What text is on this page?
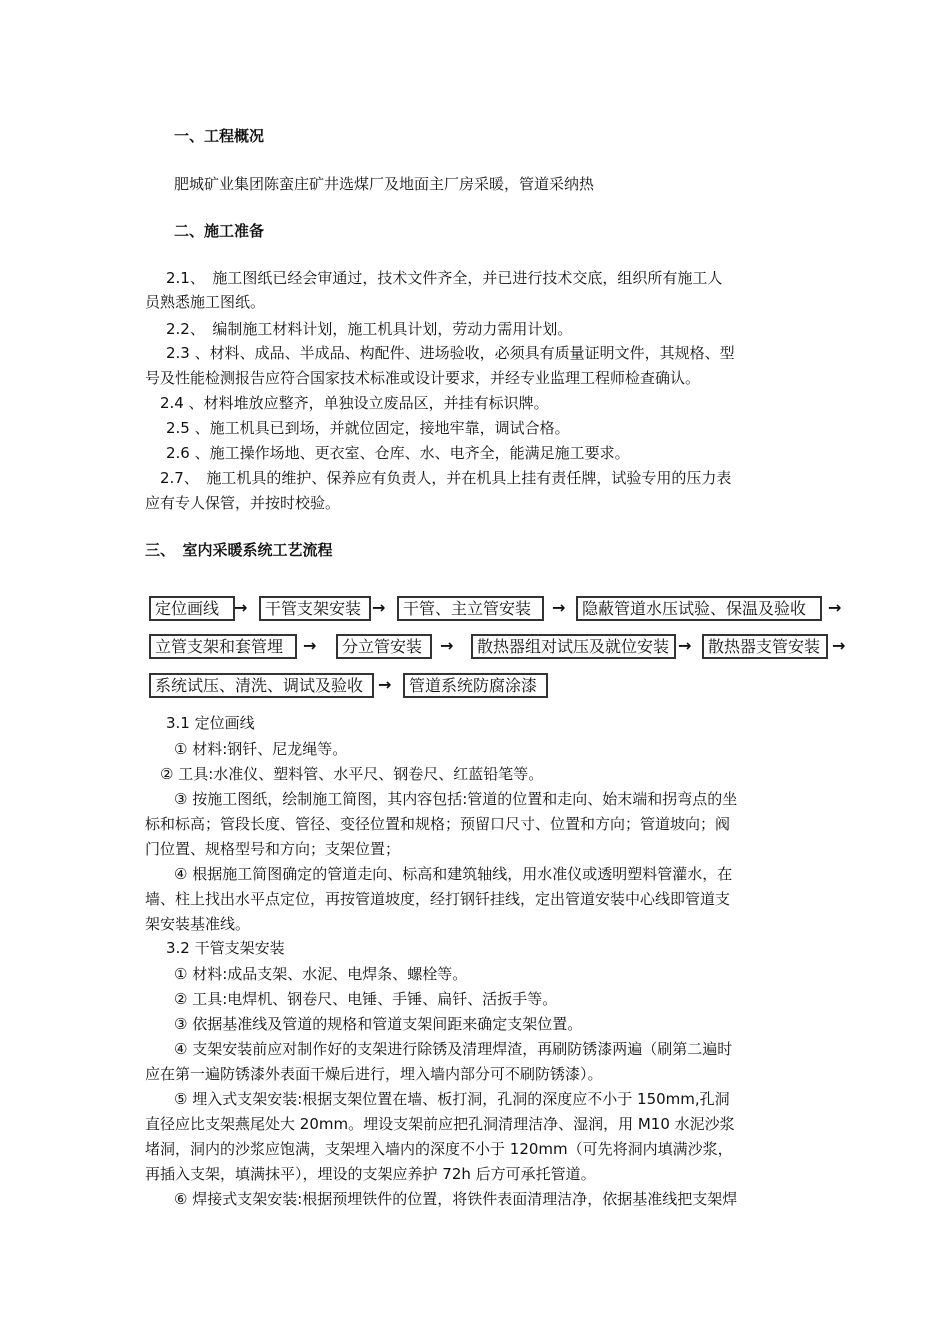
一、工程概况
肥城矿业集团陈蛮庄矿井选煤厂及地面主厂房采暖，管道采纳热
二、施工准备
2.1、　施工图纸已经会审通过，技术文件齐全，并已进行技术交底，组织所有施工人
员熟悉施工图纸。
2.2、　编制施工材料计划，施工机具计划，劳动力需用计划。
2.3 、材料、成品、半成品、构配件、进场验收，必须具有质量证明文件，其规格、型
号及性能检测报告应符合国家技术标准或设计要求，并经专业监理工程师检查确认。
2.4 、材料堆放应整齐，单独设立废品区，并挂有标识牌。
2.5 、施工机具已到场，并就位固定，接地牢靠，调试合格。
2.6 、施工操作场地、更衣室、仓库、水、电齐全，能满足施工要求。
2.7、　施工机具的维护、保养应有负责人，并在机具上挂有责任牌，试验专用的压力表
应有专人保管，并按时校验。
三、　室内采暖系统工艺流程
定位画线 →	干管支架安装 →	干管、主立管安装	→	隐蔽管道水压试验、保温及验收	→
立管支架和套管埋	→	分立管安装	→	散热器组对试压及就位安装 →	散热器支管安装 →
系统试压、清洗、调试及验收 →	管道系统防腐涂漆
3.1 定位画线
① 材料:钢钎、尼龙绳等。
② 工具:水准仪、塑料管、水平尺、钢卷尺、红蓝铅笔等。
③ 按施工图纸，绘制施工简图，其内容包括:管道的位置和走向、始末端和拐弯点的坐
标和标高；管段长度、管径、变径位置和规格；预留口尺寸、位置和方向；管道坡向；阀
门位置、规格型号和方向；支架位置；
④ 根据施工简图确定的管道走向、标高和建筑轴线，用水准仪或透明塑料管灌水，在
墙、柱上找出水平点定位，再按管道坡度，经打钢钎挂线，定出管道安装中心线即管道支
架安装基准线。
3.2 干管支架安装
① 材料:成品支架、水泥、电焊条、螺栓等。
② 工具:电焊机、钢卷尺、电锤、手锤、扁钎、活扳手等。
③ 依据基准线及管道的规格和管道支架间距来确定支架位置。
④ 支架安装前应对制作好的支架进行除锈及清理焊渣，再刷防锈漆两遍（刷第二遍时
应在第一遍防锈漆外表面干燥后进行，埋入墙内部分可不刷防锈漆）。
⑤ 埋入式支架安装:根据支架位置在墙、板打洞，孔洞的深度应不小于 150mm,孔洞
直径应比支架燕尾处大 20mm。埋设支架前应把孔洞清理洁净、湿润，用 M10 水泥沙浆
堵洞，洞内的沙浆应饱满，支架埋入墙内的深度不小于 120mm（可先将洞内填满沙浆，
再插入支架，填满抹平），埋设的支架应养护 72h 后方可承托管道。
⑥ 焊接式支架安装:根据预埋铁件的位置，将铁件表面清理洁净，依据基准线把支架焊
